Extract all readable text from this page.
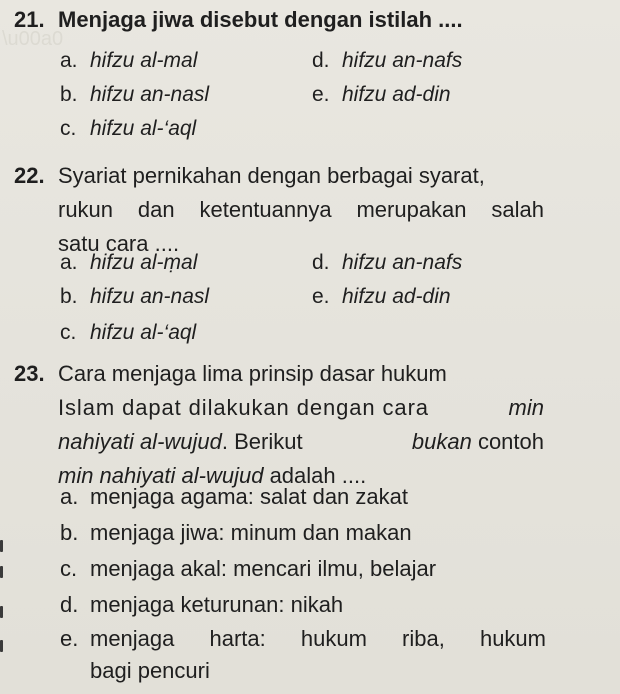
\u00a0
21. Menjaga jiwa disebut dengan istilah ....
a. hifzu al-mal	d. hifzu an-nafs
b. hifzu an-nasl	e. hifzu ad-din
c. hifzu al-‘aql
22. Syariat pernikahan dengan berbagai syarat,
rukun dan ketentuannya merupakan salah
satu cara ....
a. hifzu al-ṃal	d. hifzu an-nafs
b. hifzu an-nasl	e. hifzu ad-din
c. hifzu al-‘aql
23. Cara menjaga lima prinsip dasar hukum
Islam dapat dilakukan dengan cara	min
nahiyati al-wujud. Berikut	bukan contoh
min nahiyati al-wujud adalah ....
a. menjaga agama: salat dan zakat
b. menjaga jiwa: minum dan makan
c. menjaga akal: mencari ilmu, belajar
d. menjaga keturunan: nikah
e. menjaga harta: hukum riba, hukum
bagi pencuri
